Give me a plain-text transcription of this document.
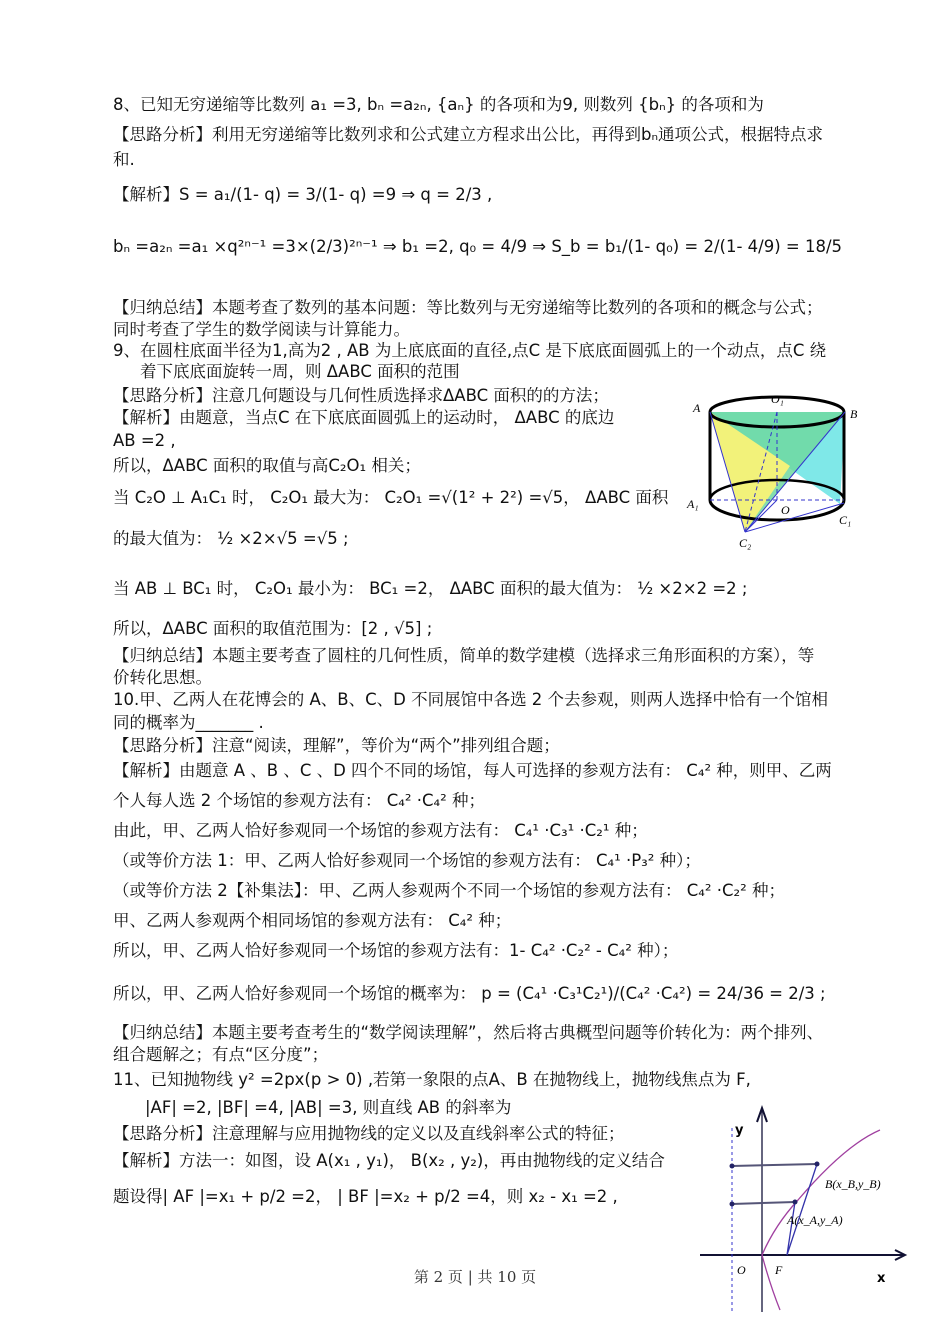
8、已知无穷递缩等比数列 a₁ =3, bₙ =a₂ₙ, {aₙ} 的各项和为9, 则数列 {bₙ} 的各项和为
【思路分析】利用无穷递缩等比数列求和公式建立方程求出公比，再得到bₙ通项公式，根据特点求
和.
【解析】S = a₁/(1- q) = 3/(1- q) =9 ⇒ q = 2/3 ,
bₙ =a₂ₙ =a₁ ×q²ⁿ⁻¹ =3×(2/3)²ⁿ⁻¹ ⇒ b₁ =2, q₀ = 4/9 ⇒ S_b = b₁/(1- q₀) = 2/(1- 4/9) = 18/5
【归纳总结】本题考查了数列的基本问题：等比数列与无穷递缩等比数列的各项和的概念与公式；
同时考查了学生的数学阅读与计算能力。
9、在圆柱底面半径为1,高为2 , AB 为上底底面的直径,点C 是下底底面圆弧上的一个动点，点C 绕
着下底底面旋转一周，则 ΔABC 面积的范围
【思路分析】注意几何题设与几何性质选择求ΔABC 面积的的方法；
【解析】由题意，当点C 在下底底面圆弧上的运动时， ΔABC 的底边
AB =2 ,
所以，ΔABC 面积的取值与高C₂O₁ 相关；
当 C₂O ⊥ A₁C₁ 时， C₂O₁ 最大为： C₂O₁ =√(1² + 2²) =√5， ΔABC 面积
的最大值为： ½ ×2×√5 =√5 ;
当 AB ⊥ BC₁ 时， C₂O₁ 最小为： BC₁ =2， ΔABC 面积的最大值为： ½ ×2×2 =2 ;
所以，ΔABC 面积的取值范围为：[2 , √5] ;
【归纳总结】本题主要考查了圆柱的几何性质，简单的数学建模（选择求三角形面积的方案），等
价转化思想。
10.甲、乙两人在花博会的 A、B、C、D 不同展馆中各选 2 个去参观，则两人选择中恰有一个馆相
同的概率为_______ .
【思路分析】注意“阅读，理解”，等价为“两个”排列组合题；
【解析】由题意 A 、B 、C 、D 四个不同的场馆，每人可选择的参观方法有： C₄² 种，则甲、乙两
个人每人选 2 个场馆的参观方法有： C₄² ·C₄² 种；
由此，甲、乙两人恰好参观同一个场馆的参观方法有： C₄¹ ·C₃¹ ·C₂¹ 种；
（或等价方法 1：甲、乙两人恰好参观同一个场馆的参观方法有： C₄¹ ·P₃² 种）；
（或等价方法 2【补集法】：甲、乙两人参观两个不同一个场馆的参观方法有： C₄² ·C₂² 种；
甲、乙两人参观两个相同场馆的参观方法有： C₄² 种；
所以，甲、乙两人恰好参观同一个场馆的参观方法有：1- C₄² ·C₂² - C₄² 种）；
所以，甲、乙两人恰好参观同一个场馆的概率为： p = (C₄¹ ·C₃¹C₂¹)/(C₄² ·C₄²) = 24/36 = 2/3 ;
【归纳总结】本题主要考查考生的“数学阅读理解”，然后将古典概型问题等价转化为：两个排列、
组合题解之；有点“区分度”；
11、已知抛物线 y² =2px(p > 0) ,若第一象限的点A、B 在抛物线上，抛物线焦点为 F,
|AF| =2, |BF| =4, |AB| =3, 则直线 AB 的斜率为
【思路分析】注意理解与应用抛物线的定义以及直线斜率公式的特征；
【解析】方法一：如图，设 A(x₁ , y₁)， B(x₂ , y₂)，再由抛物线的定义结合
题设得| AF |=x₁ + p/2 =2， | BF |=x₂ + p/2 =4，则 x₂ - x₁ =2 ,
A
O₁
B
A₁	O
C₁
C₂
y
x
O F
A(x_A,y_A)
B(x_B,y_B)
第 2 页 | 共 10 页
